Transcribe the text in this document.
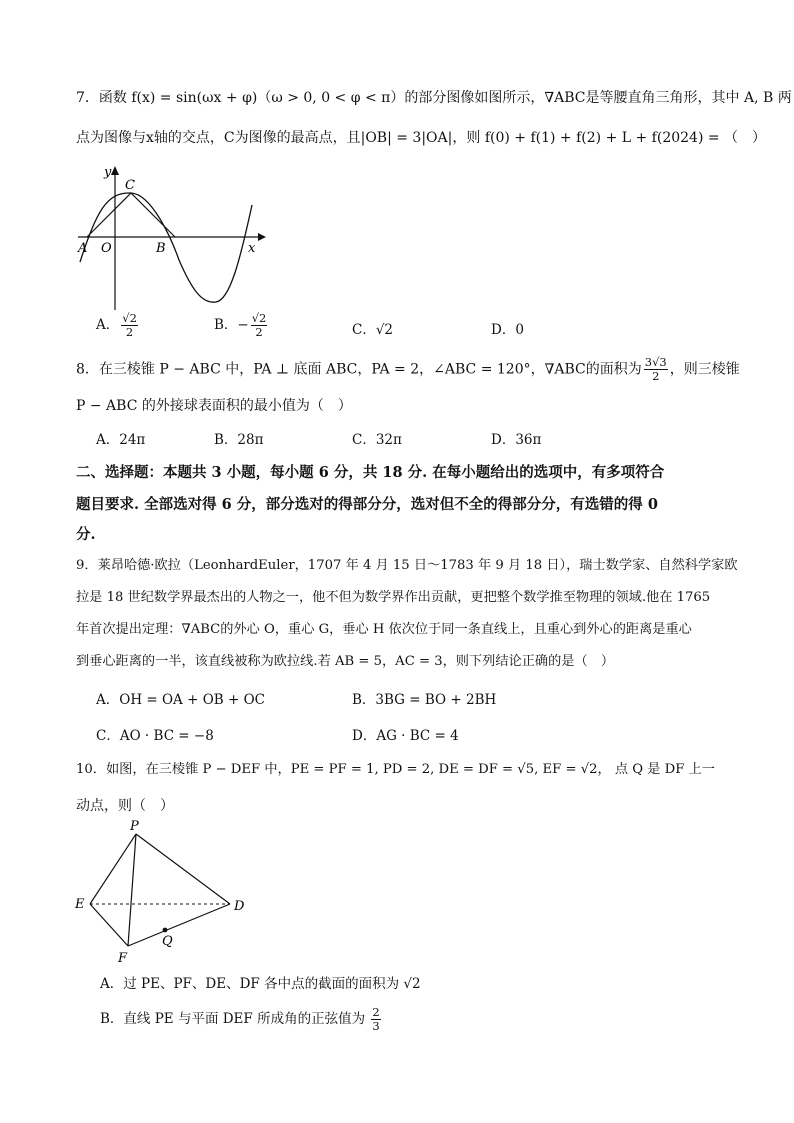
7．函数 f(x) = sin(ωx + φ)（ω > 0, 0 < φ < π）的部分图像如图所示，∇ABC是等腰直角三角形，其中 A, B 两
点为图像与x轴的交点，C为图像的最高点，且|OB| = 3|OA|，则 f(0) + f(1) + f(2) + L + f(2024) = （　）
y
C
A O	B	x
A． $\frac{√2}{2}$	B．− $\frac{√2}{2}$	C．√2	D．0
8．在三棱锥 P − ABC 中，PA ⊥ 底面 ABC，PA = 2，∠ABC = 120°，∇ABC的面积为 $\frac{3√3}{2}$ ，则三棱锥
P − ABC 的外接球表面积的最小值为（　）
A．24π	B．28π	C．32π	D．36π
二、选择题：本题共 3 小题，每小题 6 分，共 18 分. 在每小题给出的选项中，有多项符合
题目要求. 全部选对得 6 分，部分选对的得部分分，选对但不全的得部分分，有选错的得 0
分.
9．莱昂哈德·欧拉（LeonhardEuler，1707 年 4 月 15 日～1783 年 9 月 18 日），瑞士数学家、自然科学家欧
拉是 18 世纪数学界最杰出的人物之一，他不但为数学界作出贡献，更把整个数学推至物理的领域.他在 1765
年首次提出定理：∇ABC的外心 O，重心 G，垂心 H 依次位于同一条直线上，且重心到外心的距离是重心
到垂心距离的一半，该直线被称为欧拉线.若 AB = 5，AC = 3，则下列结论正确的是（　）
A．OH = OA + OB + OC	B．3BG = BO + 2BH
C．AO · BC = −8	D．AG · BC = 4
10．如图，在三棱锥 P − DEF 中，PE = PF = 1, PD = 2, DE = DF = √5, EF = √2， 点 Q 是 DF 上一
动点，则（　）
P
E	D
F
Q
A．过 PE、PF、DE、DF 各中点的截面的面积为 √2
B．直线 PE 与平面 DEF 所成角的正弦值为 $\frac{2}{3}$
